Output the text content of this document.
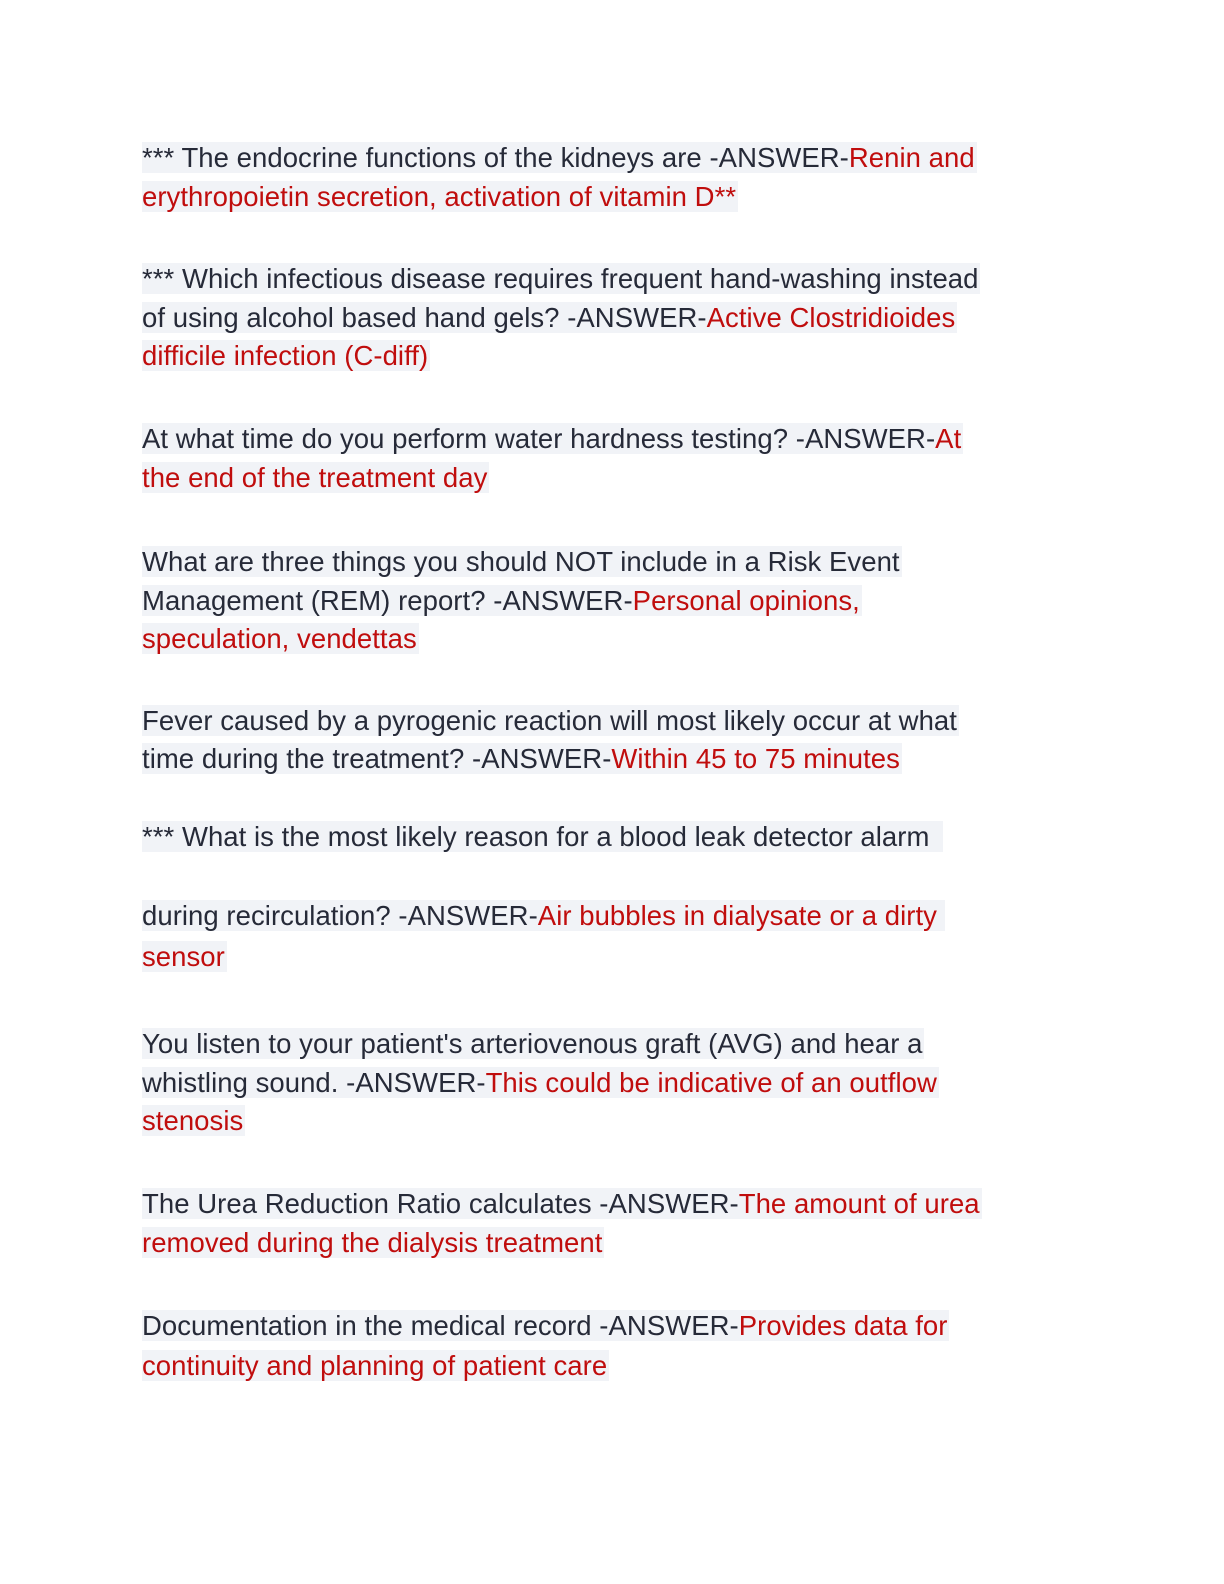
*** The endocrine functions of the kidneys are -ANSWER-Renin and
erythropoietin secretion, activation of vitamin D**
*** Which infectious disease requires frequent hand-washing instead
of using alcohol based hand gels? -ANSWER-Active Clostridioides
difficile infection (C-diff)
At what time do you perform water hardness testing? -ANSWER-At
the end of the treatment day
What are three things you should NOT include in a Risk Event
Management (REM) report? -ANSWER-Personal opinions,
speculation, vendettas
Fever caused by a pyrogenic reaction will most likely occur at what
time during the treatment? -ANSWER-Within 45 to 75 minutes
*** What is the most likely reason for a blood leak detector alarm
during recirculation? -ANSWER-Air bubbles in dialysate or a dirty
sensor
You listen to your patient's arteriovenous graft (AVG) and hear a
whistling sound. -ANSWER-This could be indicative of an outflow
stenosis
The Urea Reduction Ratio calculates -ANSWER-The amount of urea
removed during the dialysis treatment
Documentation in the medical record -ANSWER-Provides data for
continuity and planning of patient care
